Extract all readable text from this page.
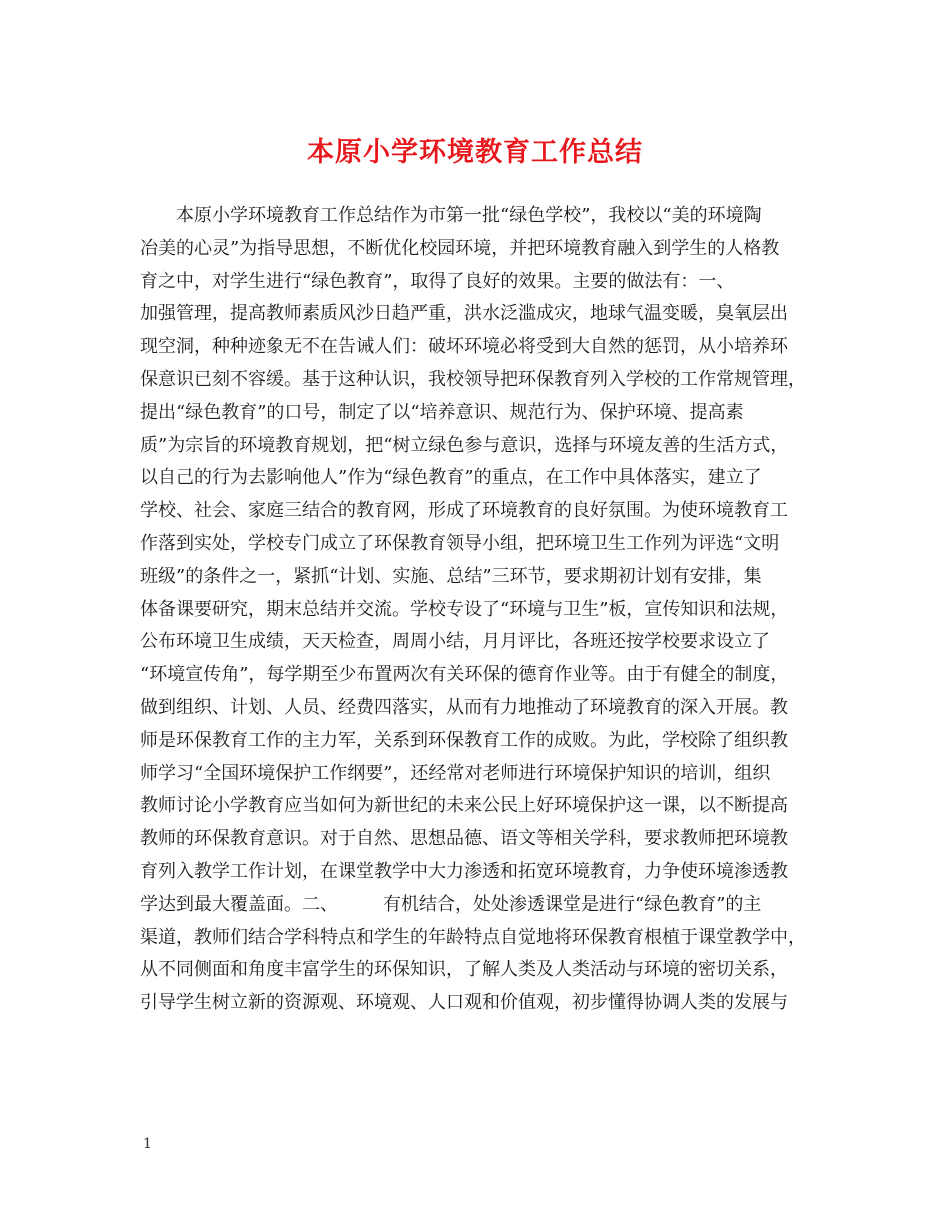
本原小学环境教育工作总结
本原小学环境教育工作总结作为市第一批“绿色学校”，我校以“美的环境陶
冶美的心灵”为指导思想，不断优化校园环境，并把环境教育融入到学生的人格教
育之中，对学生进行“绿色教育”，取得了良好的效果。主要的做法有：一、
加强管理，提高教师素质风沙日趋严重，洪水泛滥成灾，地球气温变暖，臭氧层出
现空洞，种种迹象无不在告诫人们：破坏环境必将受到大自然的惩罚，从小培养环
保意识已刻不容缓。基于这种认识，我校领导把环保教育列入学校的工作常规管理，
提出“绿色教育”的口号，制定了以“培养意识、规范行为、保护环境、提高素
质”为宗旨的环境教育规划，把“树立绿色参与意识，选择与环境友善的生活方式，
以自己的行为去影响他人”作为“绿色教育”的重点，在工作中具体落实，建立了
学校、社会、家庭三结合的教育网，形成了环境教育的良好氛围。为使环境教育工
作落到实处，学校专门成立了环保教育领导小组，把环境卫生工作列为评选“文明
班级”的条件之一，紧抓“计划、实施、总结”三环节，要求期初计划有安排，集
体备课要研究，期末总结并交流。学校专设了“环境与卫生”板，宣传知识和法规，
公布环境卫生成绩，天天检查，周周小结，月月评比，各班还按学校要求设立了
“环境宣传角”，每学期至少布置两次有关环保的德育作业等。由于有健全的制度，
做到组织、计划、人员、经费四落实，从而有力地推动了环境教育的深入开展。教
师是环保教育工作的主力军，关系到环保教育工作的成败。为此，学校除了组织教
师学习“全国环境保护工作纲要”，还经常对老师进行环境保护知识的培训，组织
教师讨论小学教育应当如何为新世纪的未来公民上好环境保护这一课，以不断提高
教师的环保教育意识。对于自然、思想品德、语文等相关学科，要求教师把环境教
育列入教学工作计划，在课堂教学中大力渗透和拓宽环境教育，力争使环境渗透教
学达到最大覆盖面。二、　　　有机结合，处处渗透课堂是进行“绿色教育”的主
渠道，教师们结合学科特点和学生的年龄特点自觉地将环保教育根植于课堂教学中，
从不同侧面和角度丰富学生的环保知识，了解人类及人类活动与环境的密切关系，
引导学生树立新的资源观、环境观、人口观和价值观，初步懂得协调人类的发展与
1
